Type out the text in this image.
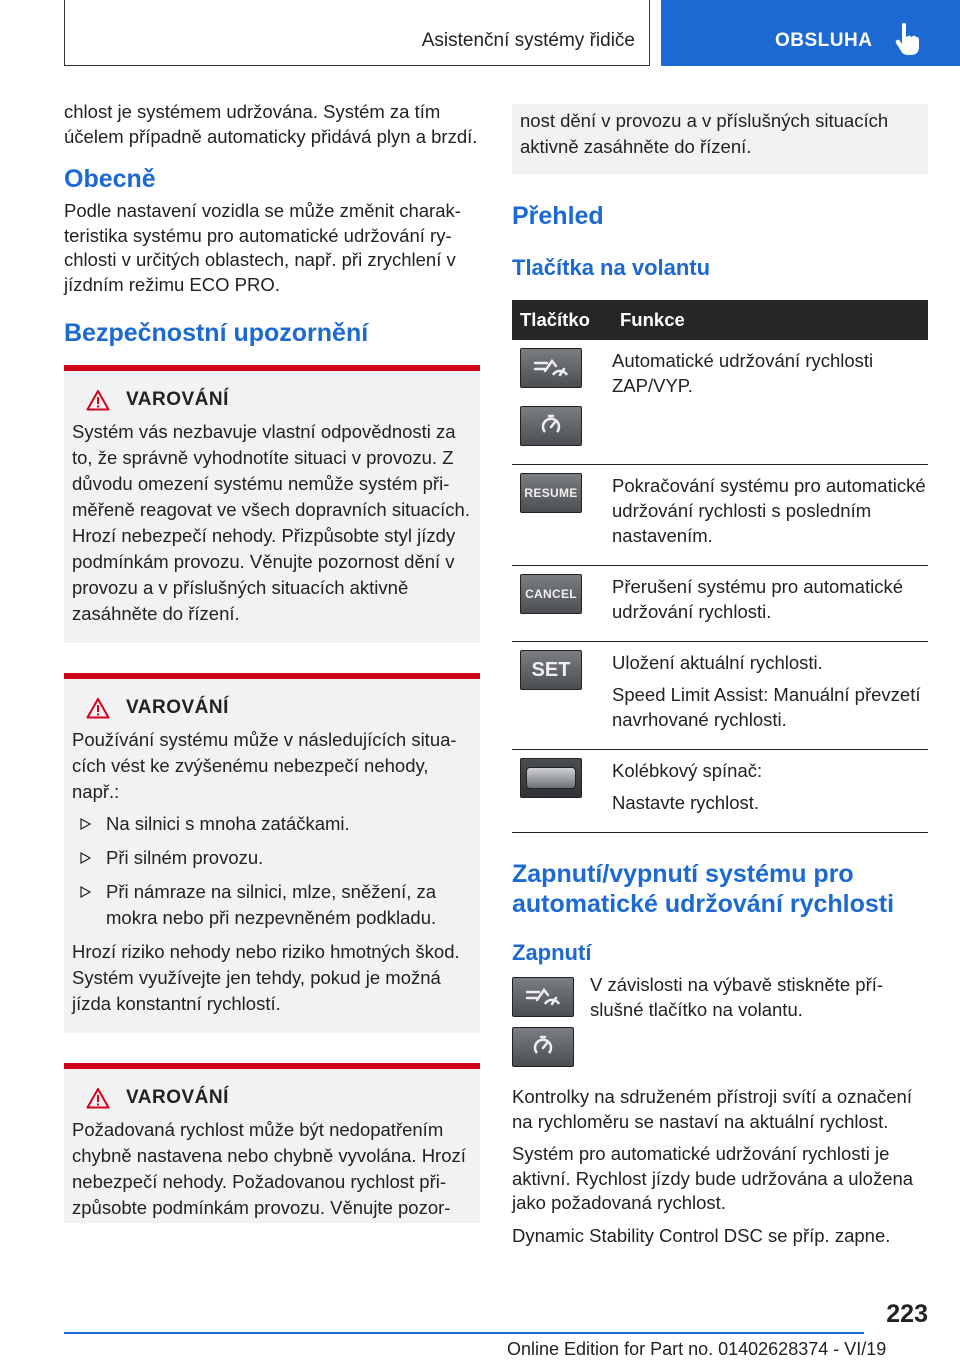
Asistenční systémy řidiče	OBSLUHA

chlost je systémem udržována. Systém za tím účelem případně automaticky přidává plyn a brzdí.

Obecně

Podle nastavení vozidla se může změnit charakteristika systému pro automatické udržování rychlosti v určitých oblastech, např. při zrychlení v jízdním režimu ECO PRO.

Bezpečnostní upozornění
VAROVÁNÍ

Systém vás nezbavuje vlastní odpovědnosti za to, že správně vyhodnotíte situaci v provozu. Z důvodu omezení systému nemůže systém přiměřeně reagovat ve všech dopravních situacích. Hrozí nebezpečí nehody. Přizpůsobte styl jízdy podmínkám provozu. Věnujte pozornost dění v provozu a v příslušných situacích aktivně zasáhněte do řízení.

VAROVÁNÍ

Používání systému může v následujících situacích vést ke zvýšenému nebezpečí nehody, např.:

Na silnici s mnoha zatáčkami.
Při silném provozu.
Při námraze na silnici, mlze, sněžení, za mokra nebo při nezpevněném podkladu.

Hrozí riziko nehody nebo riziko hmotných škod. Systém využívejte jen tehdy, pokud je možná jízda konstantní rychlostí.

VAROVÁNÍ

Požadovaná rychlost může být nedopatřením chybně nastavena nebo chybně vyvolána. Hrozí nebezpečí nehody. Požadovanou rychlost přizpůsobte podmínkám provozu. Věnujte pozor-

nost dění v provozu a v příslušných situacích aktivně zasáhněte do řízení.

Přehled
Tlačítka na volantu
Tlačítko	Funkce

Automatické udržování rychlosti ZAP/VYP.

RESUME	Pokračování systému pro automatické udržování rychlosti s posledním nastavením.

CANCEL	Přerušení systému pro automatické udržování rychlosti.

SET	Uložení aktuální rychlosti.

Speed Limit Assist: Manuální převzetí navrhované rychlosti.

	Kolébkový spínač:

Nastavte rychlost.

Zapnutí/vypnutí systému pro automatické udržování rychlosti
Zapnutí

V závislosti na výbavě stiskněte příslušné tlačítko na volantu.

Kontrolky na sdruženém přístroji svítí a označení na rychloměru se nastaví na aktuální rychlost.

Systém pro automatické udržování rychlosti je aktivní. Rychlost jízdy bude udržována a uložena jako požadovaná rychlost.

Dynamic Stability Control DSC se příp. zapne.

223
Online Edition for Part no. 01402628374 - VI/19
